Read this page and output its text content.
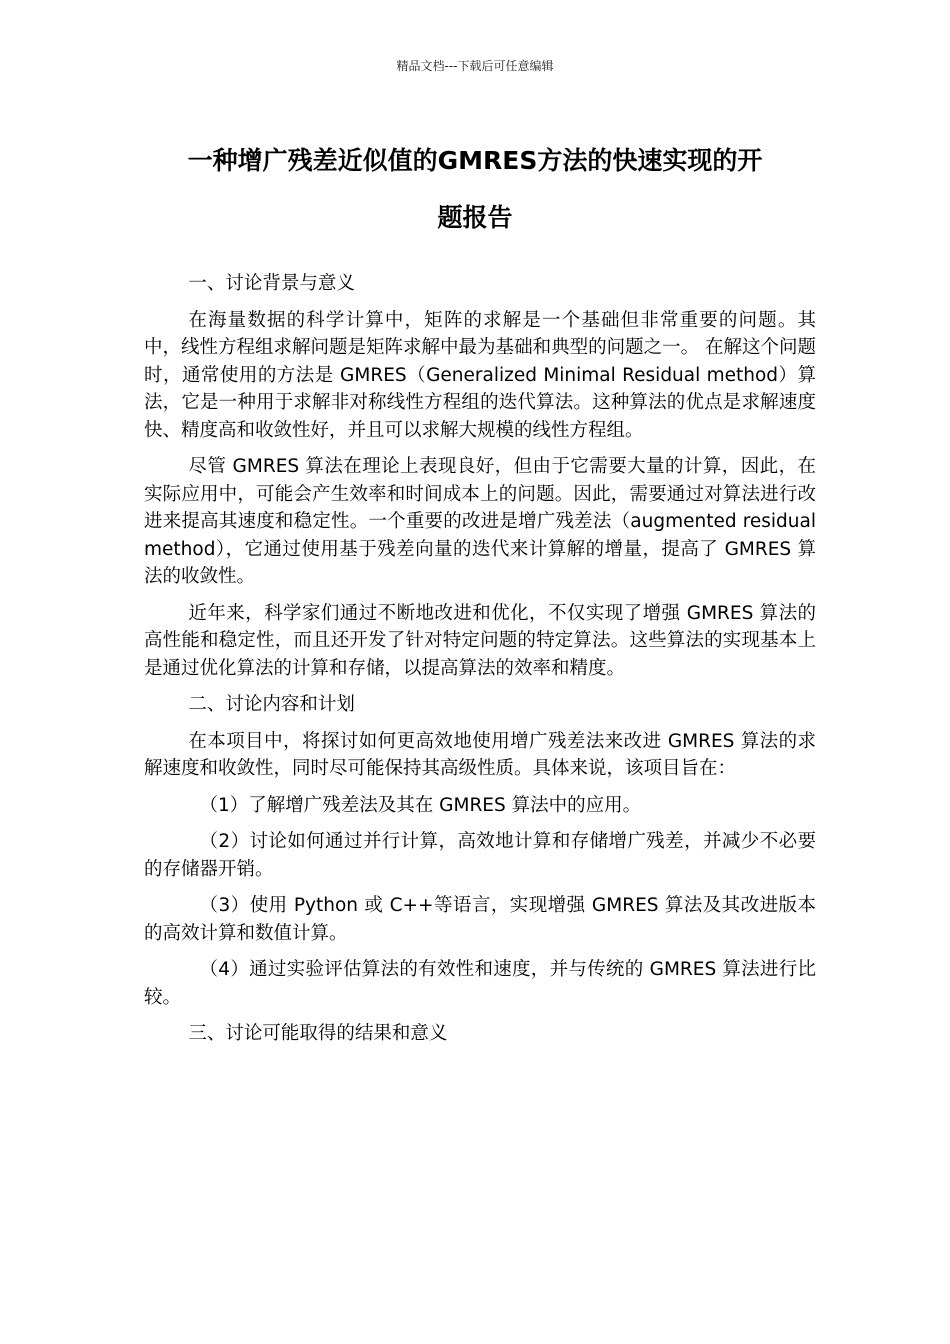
精品文档---下载后可任意编辑
一种增广残差近似值的GMRES方法的快速实现的开
题报告

一、讨论背景与意义

在海量数据的科学计算中，矩阵的求解是一个基础但非常重要的问题。其中，线性方程组求解问题是矩阵求解中最为基础和典型的问题之一。 在解这个问题时，通常使用的方法是 GMRES（Generalized Minimal Residual method）算法，它是一种用于求解非对称线性方程组的迭代算法。这种算法的优点是求解速度快、精度高和收敛性好，并且可以求解大规模的线性方程组。

尽管 GMRES 算法在理论上表现良好，但由于它需要大量的计算，因此，在实际应用中，可能会产生效率和时间成本上的问题。因此，需要通过对算法进行改进来提高其速度和稳定性。一个重要的改进是增广残差法（augmented residual method），它通过使用基于残差向量的迭代来计算解的增量，提高了 GMRES 算法的收敛性。

近年来，科学家们通过不断地改进和优化，不仅实现了增强 GMRES 算法的高性能和稳定性，而且还开发了针对特定问题的特定算法。这些算法的实现基本上是通过优化算法的计算和存储，以提高算法的效率和精度。

二、讨论内容和计划

在本项目中，将探讨如何更高效地使用增广残差法来改进 GMRES 算法的求解速度和收敛性，同时尽可能保持其高级性质。具体来说，该项目旨在：

（1）了解增广残差法及其在 GMRES 算法中的应用。

（2）讨论如何通过并行计算，高效地计算和存储增广残差，并减少不必要的存储器开销。

（3）使用 Python 或 C++等语言，实现增强 GMRES 算法及其改进版本的高效计算和数值计算。

（4）通过实验评估算法的有效性和速度，并与传统的 GMRES 算法进行比较。

三、讨论可能取得的结果和意义
